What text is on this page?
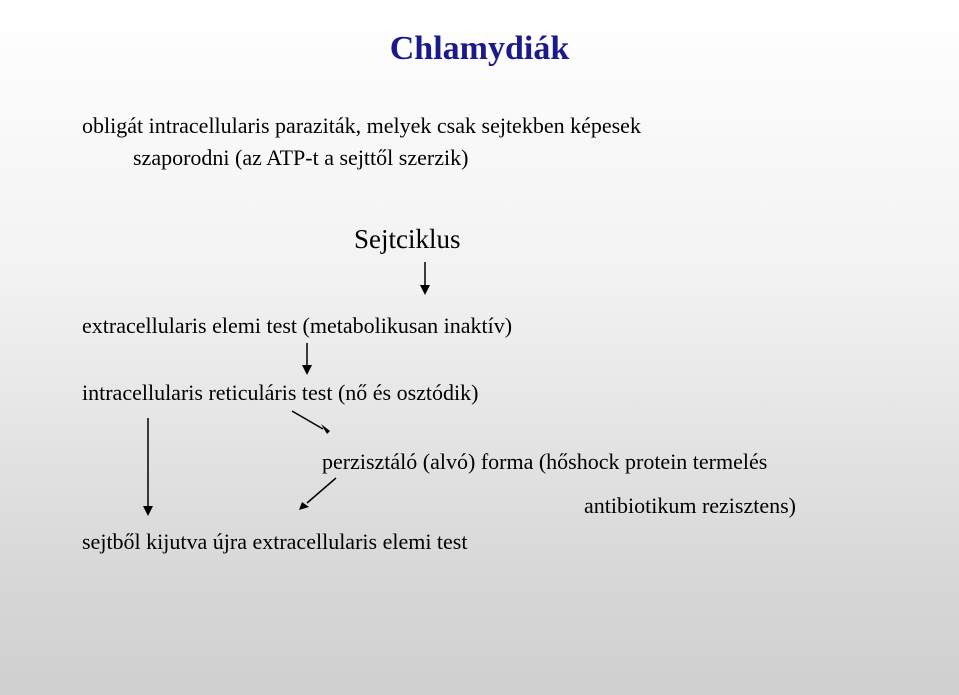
Chlamydiák
obligát intracellularis paraziták, melyek csak sejtekben képesek
szaporodni (az ATP-t a sejttől szerzik)
Sejtciklus
extracellularis elemi test (metabolikusan inaktív)
intracellularis reticuláris test (nő és osztódik)
perzisztáló (alvó) forma (hőshock protein termelés
antibiotikum rezisztens)
sejtből kijutva újra extracellularis elemi test
